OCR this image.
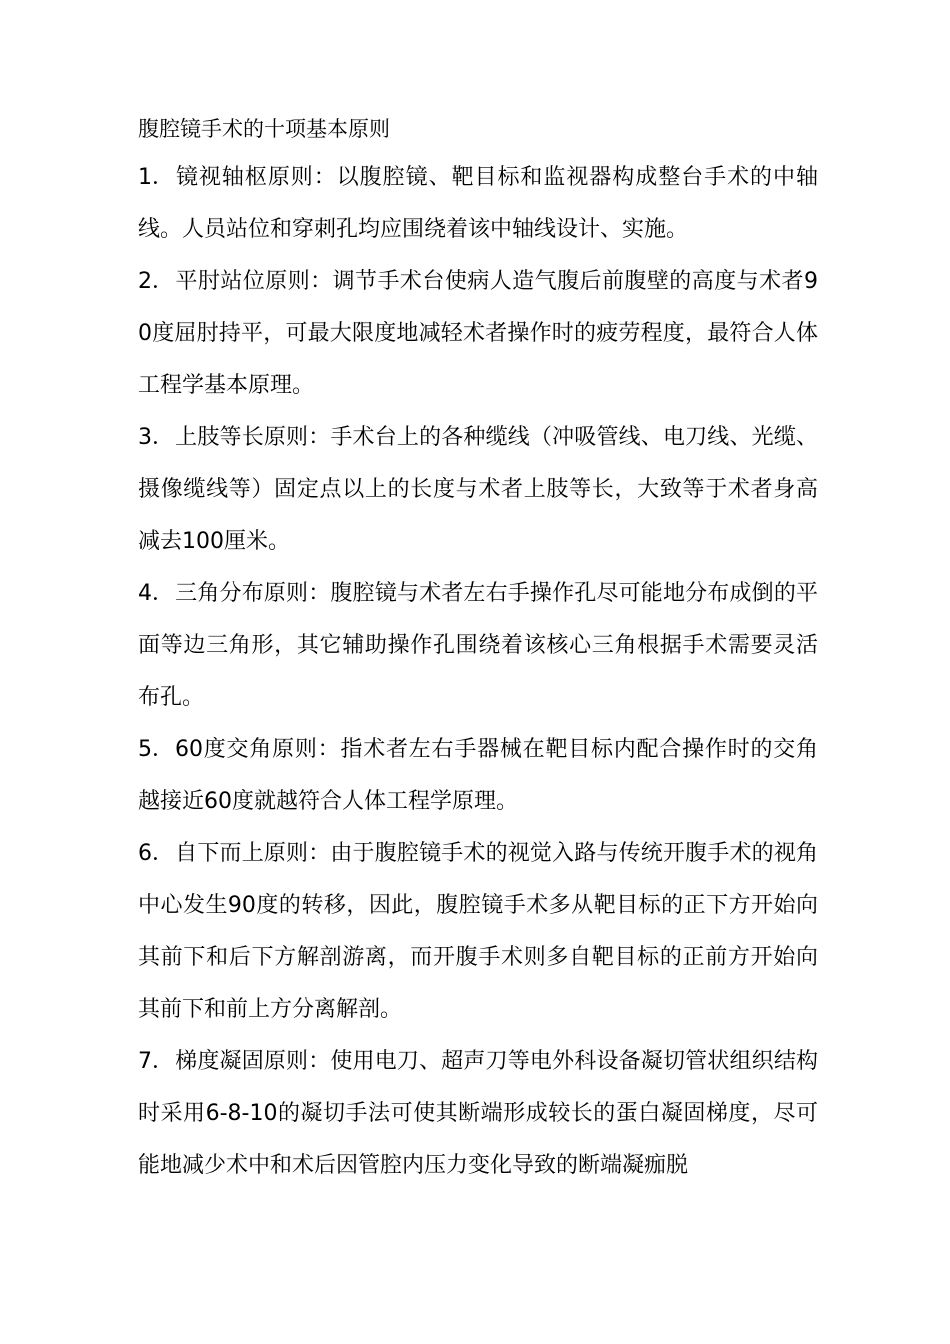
腹腔镜手术的十项基本原则

1．镜视轴枢原则：以腹腔镜、靶目标和监视器构成整台手术的中轴线。人员站位和穿刺孔均应围绕着该中轴线设计、实施。

2．平肘站位原则：调节手术台使病人造气腹后前腹壁的高度与术者90度屈肘持平，可最大限度地减轻术者操作时的疲劳程度，最符合人体工程学基本原理。

3．上肢等长原则：手术台上的各种缆线（冲吸管线、电刀线、光缆、摄像缆线等）固定点以上的长度与术者上肢等长，大致等于术者身高减去100厘米。

4．三角分布原则：腹腔镜与术者左右手操作孔尽可能地分布成倒的平面等边三角形，其它辅助操作孔围绕着该核心三角根据手术需要灵活布孔。

5．60度交角原则：指术者左右手器械在靶目标内配合操作时的交角越接近60度就越符合人体工程学原理。

6．自下而上原则：由于腹腔镜手术的视觉入路与传统开腹手术的视角中心发生90度的转移，因此，腹腔镜手术多从靶目标的正下方开始向其前下和后下方解剖游离，而开腹手术则多自靶目标的正前方开始向其前下和前上方分离解剖。

7．梯度凝固原则：使用电刀、超声刀等电外科设备凝切管状组织结构时采用6-8-10的凝切手法可使其断端形成较长的蛋白凝固梯度，尽可能地减少术中和术后因管腔内压力变化导致的断端凝痂脱
